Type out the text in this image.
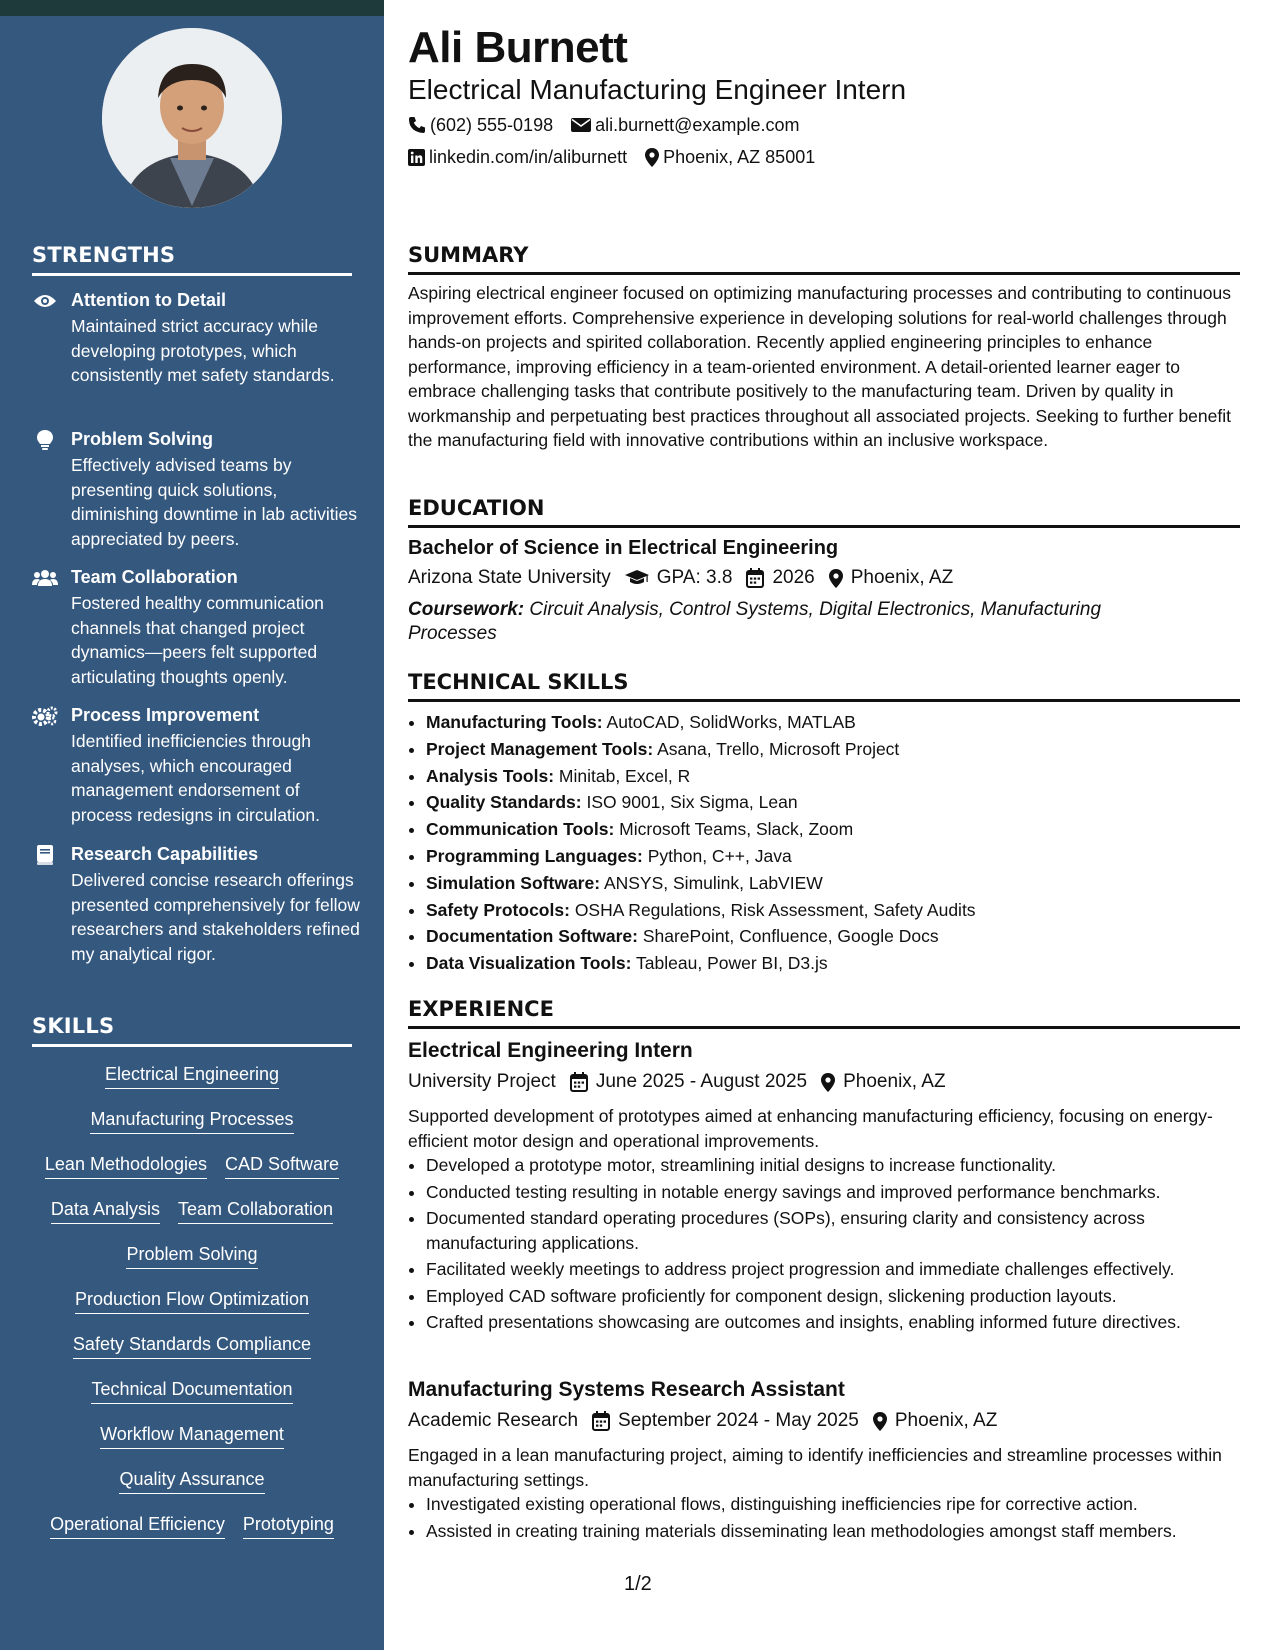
STRENGTHS
Attention to Detail
Maintained strict accuracy while developing prototypes, which consistently met safety standards.
Problem Solving
Effectively advised teams by presenting quick solutions, diminishing downtime in lab activities appreciated by peers.
Team Collaboration
Fostered healthy communication channels that changed project dynamics—peers felt supported articulating thoughts openly.
Process Improvement
Identified inefficiencies through analyses, which encouraged management endorsement of process redesigns in circulation.
Research Capabilities
Delivered concise research offerings presented comprehensively for fellow researchers and stakeholders refined my analytical rigor.
SKILLS
Electrical Engineering
Manufacturing Processes
Lean Methodologies CAD Software
Data Analysis Team Collaboration
Problem Solving
Production Flow Optimization
Safety Standards Compliance
Technical Documentation
Workflow Management
Quality Assurance
Operational Efficiency Prototyping
Ali Burnett
Electrical Manufacturing Engineer Intern
(602) 555-0198 ali.burnett@example.com
linkedin.com/in/aliburnett Phoenix, AZ 85001
SUMMARY
Aspiring electrical engineer focused on optimizing manufacturing processes and contributing to continuous improvement efforts. Comprehensive experience in developing solutions for real-world challenges through hands-on projects and spirited collaboration. Recently applied engineering principles to enhance performance, improving efficiency in a team-oriented environment. A detail-oriented learner eager to embrace challenging tasks that contribute positively to the manufacturing team. Driven by quality in workmanship and perpetuating best practices throughout all associated projects. Seeking to further benefit the manufacturing field with innovative contributions within an inclusive workspace.
EDUCATION
Bachelor of Science in Electrical Engineering
Arizona State University GPA: 3.8 2026 Phoenix, AZ
Coursework: Circuit Analysis, Control Systems, Digital Electronics, Manufacturing Processes
TECHNICAL SKILLS
• Manufacturing Tools: AutoCAD, SolidWorks, MATLAB
• Project Management Tools: Asana, Trello, Microsoft Project
• Analysis Tools: Minitab, Excel, R
• Quality Standards: ISO 9001, Six Sigma, Lean
• Communication Tools: Microsoft Teams, Slack, Zoom
• Programming Languages: Python, C++, Java
• Simulation Software: ANSYS, Simulink, LabVIEW
• Safety Protocols: OSHA Regulations, Risk Assessment, Safety Audits
• Documentation Software: SharePoint, Confluence, Google Docs
• Data Visualization Tools: Tableau, Power BI, D3.js
EXPERIENCE
Electrical Engineering Intern
University Project June 2025 - August 2025 Phoenix, AZ
Supported development of prototypes aimed at enhancing manufacturing efficiency, focusing on energy-efficient motor design and operational improvements.
• Developed a prototype motor, streamlining initial designs to increase functionality.
• Conducted testing resulting in notable energy savings and improved performance benchmarks.
• Documented standard operating procedures (SOPs), ensuring clarity and consistency across manufacturing applications.
• Facilitated weekly meetings to address project progression and immediate challenges effectively.
• Employed CAD software proficiently for component design, slickening production layouts.
• Crafted presentations showcasing are outcomes and insights, enabling informed future directives.
Manufacturing Systems Research Assistant
Academic Research September 2024 - May 2025 Phoenix, AZ
Engaged in a lean manufacturing project, aiming to identify inefficiencies and streamline processes within manufacturing settings.
• Investigated existing operational flows, distinguishing inefficiencies ripe for corrective action.
• Assisted in creating training materials disseminating lean methodologies amongst staff members.
1/2
